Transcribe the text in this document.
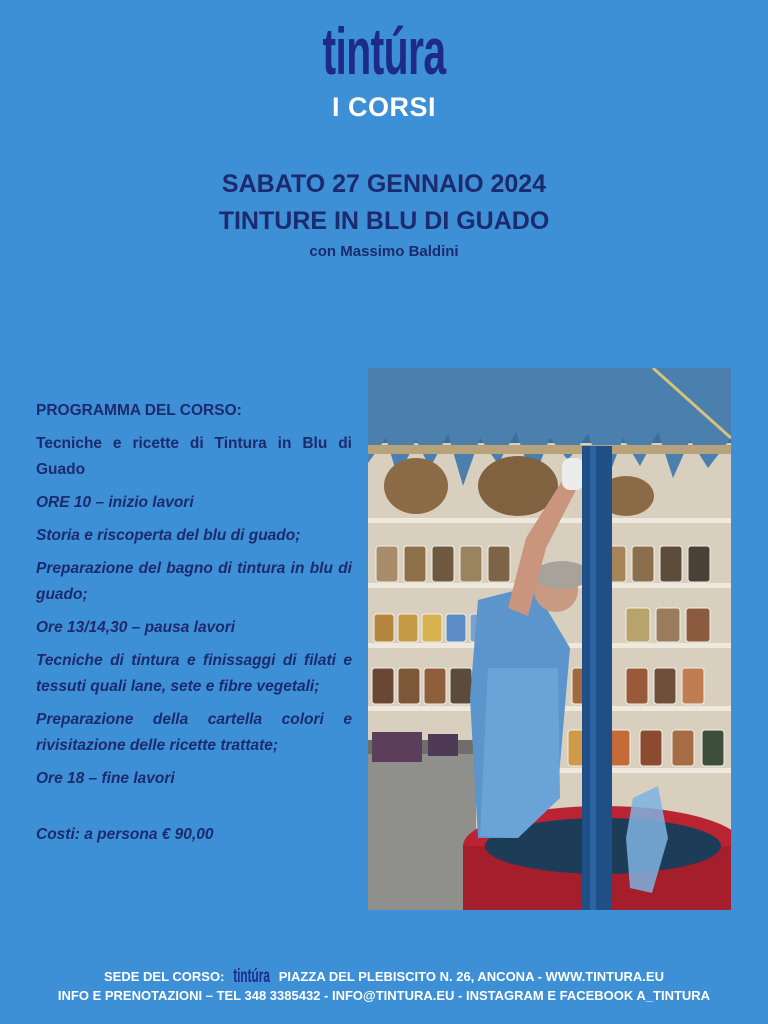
tintúra
I CORSI
SABATO 27 GENNAIO 2024
TINTURE IN BLU DI GUADO
con Massimo Baldini

PROGRAMMA DEL CORSO:

Tecniche e ricette di Tintura in Blu di Guado

ORE 10 – inizio lavori

Storia e riscoperta del blu di guado;

Preparazione del bagno di tintura in blu di guado;

Ore 13/14,30 – pausa lavori

Tecniche di tintura e finissaggi di filati e tessuti quali lane, sete e fibre vegetali;

Preparazione della cartella colori e rivisitazione delle ricette trattate;

Ore 18 – fine lavori

Costi: a persona € 90,00

SEDE DEL CORSO: tintúra PIAZZA DEL PLEBISCITO N. 26, ANCONA - WWW.TINTURA.EU
INFO E PRENOTAZIONI – TEL 348 3385432 - INFO@TINTURA.EU - INSTAGRAM E FACEBOOK A_TINTURA
